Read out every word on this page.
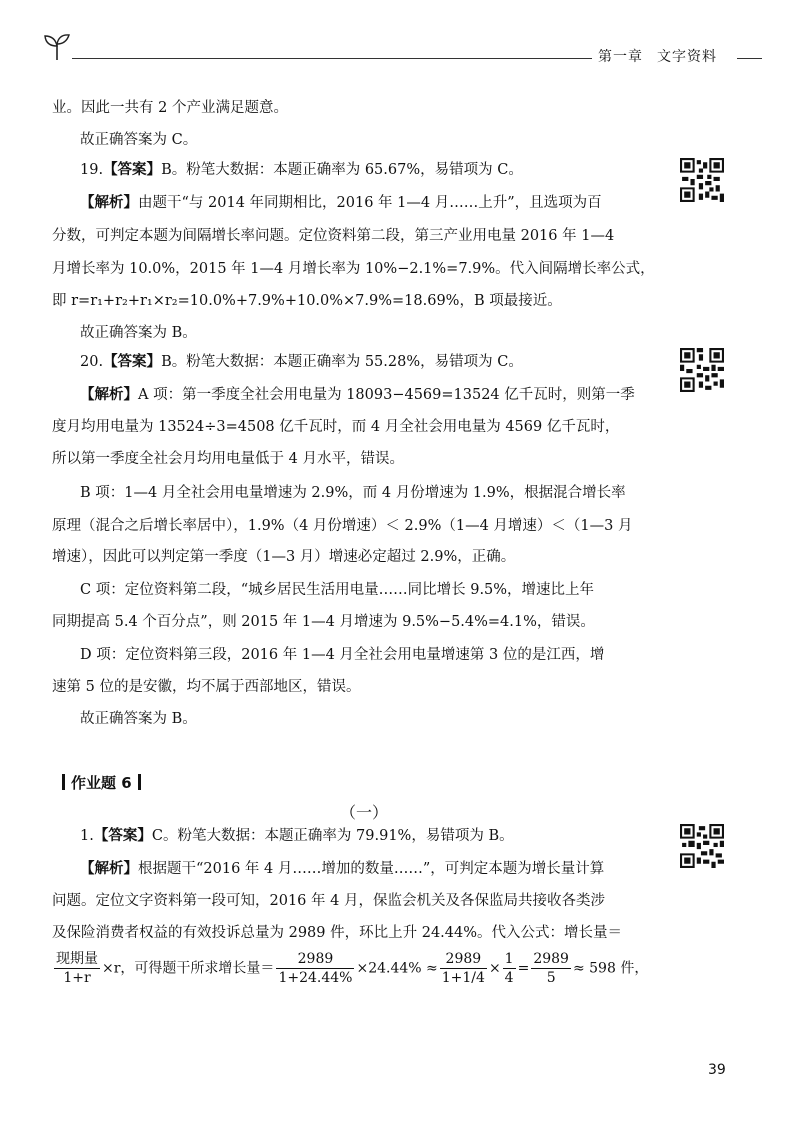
第一章 文字资料
业。因此一共有 2 个产业满足题意。
故正确答案为 C。
19.【答案】B。粉笔大数据：本题正确率为 65.67%，易错项为 C。
【解析】由题干“与 2014 年同期相比，2016 年 1—4 月……上升”，且选项为百
分数，可判定本题为间隔增长率问题。定位资料第二段，第三产业用电量 2016 年 1—4
月增长率为 10.0%，2015 年 1—4 月增长率为 10%−2.1%=7.9%。代入间隔增长率公式，
即 r=r₁+r₂+r₁×r₂=10.0%+7.9%+10.0%×7.9%=18.69%，B 项最接近。
故正确答案为 B。
20.【答案】B。粉笔大数据：本题正确率为 55.28%，易错项为 C。
【解析】A 项：第一季度全社会用电量为 18093−4569=13524 亿千瓦时，则第一季
度月均用电量为 13524÷3=4508 亿千瓦时，而 4 月全社会用电量为 4569 亿千瓦时，
所以第一季度全社会月均用电量低于 4 月水平，错误。
B 项：1—4 月全社会用电量增速为 2.9%，而 4 月份增速为 1.9%，根据混合增长率
原理（混合之后增长率居中），1.9%（4 月份增速）＜ 2.9%（1—4 月增速）＜（1—3 月
增速），因此可以判定第一季度（1—3 月）增速必定超过 2.9%，正确。
C 项：定位资料第二段，“城乡居民生活用电量……同比增长 9.5%，增速比上年
同期提高 5.4 个百分点”，则 2015 年 1—4 月增速为 9.5%−5.4%=4.1%，错误。
D 项：定位资料第三段，2016 年 1—4 月全社会用电量增速第 3 位的是江西，增
速第 5 位的是安徽，均不属于西部地区，错误。
故正确答案为 B。
作业题 6
（一）
1.【答案】C。粉笔大数据：本题正确率为 79.91%，易错项为 B。
【解析】根据题干“2016 年 4 月……增加的数量……”，可判定本题为增长量计算
问题。定位文字资料第一段可知，2016 年 4 月，保监会机关及各保监局共接收各类涉
及保险消费者权益的有效投诉总量为 2989 件，环比上升 24.44%。代入公式：增长量＝
$\frac{\text{现期量}}{1+r} \times r$，可得题干所求增长量＝ $\frac{2989}{1+24.44\%} \times 24.44\% \approx \frac{2989}{1+1/4} \times \frac{1}{4} = \frac{2989}{5} \approx 598$ 件，
39
